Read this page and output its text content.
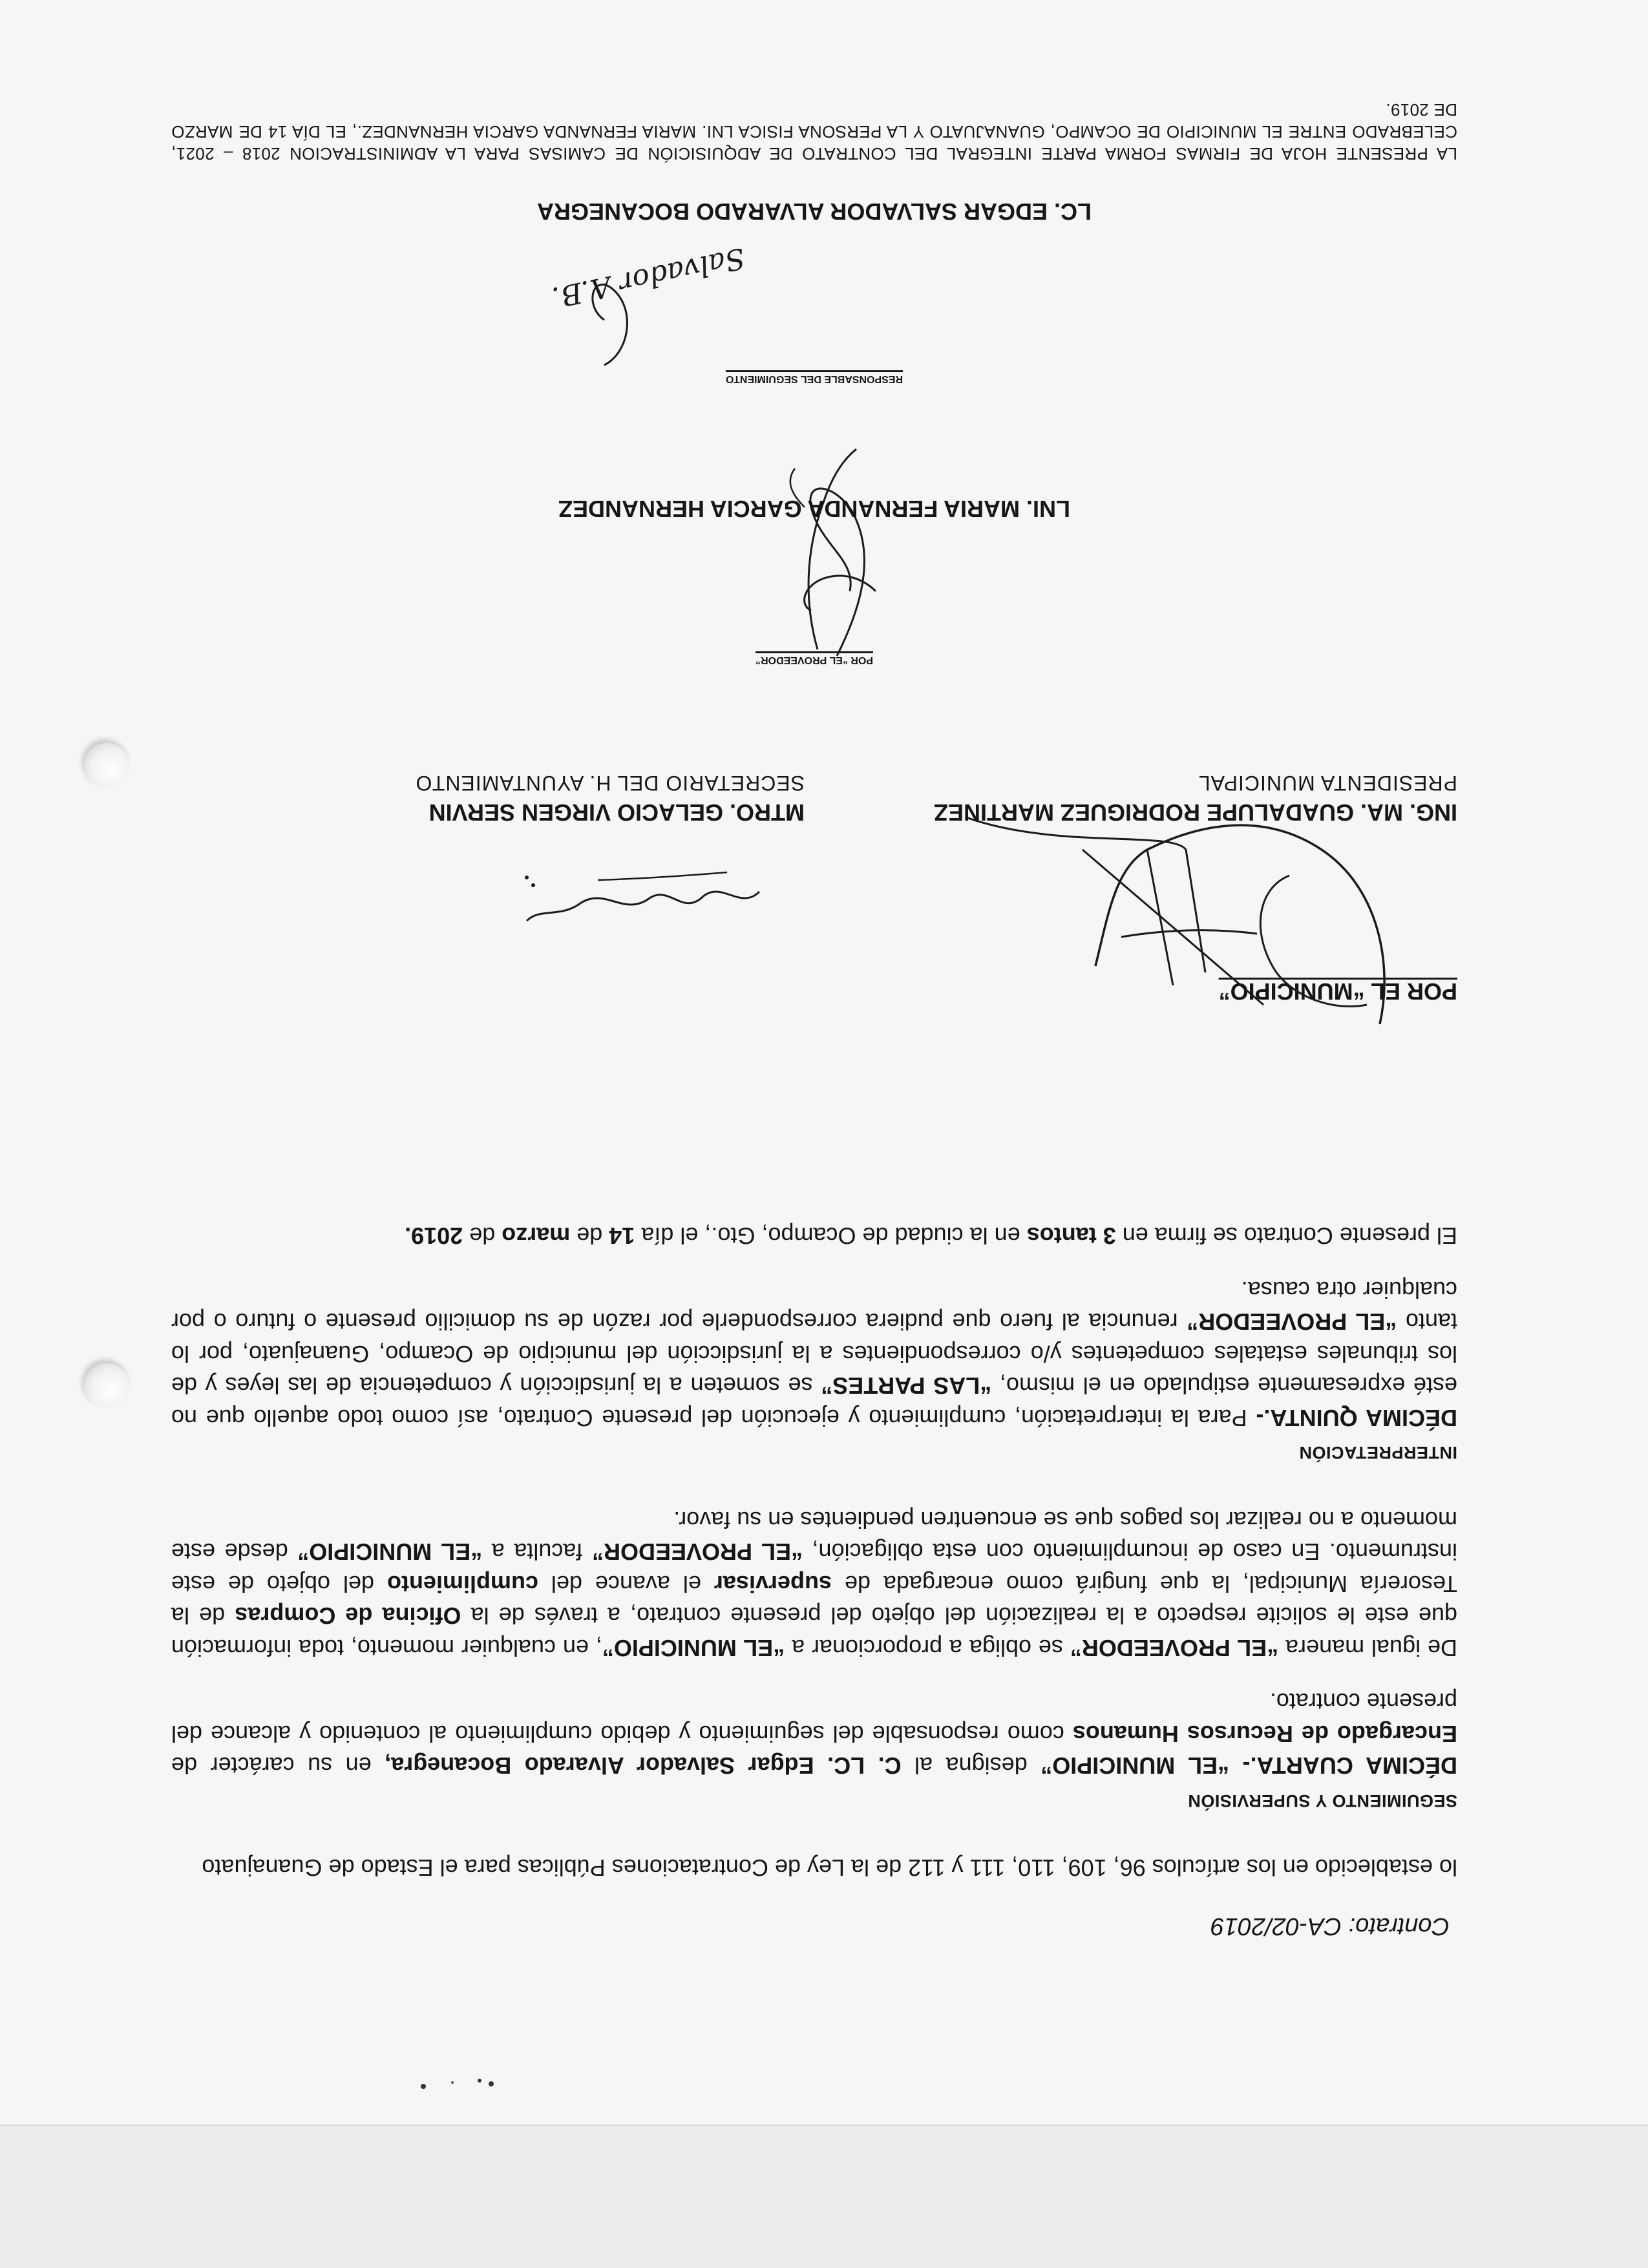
Contrato: CA-02/2019

lo establecido en los artículos 96, 109, 110, 111 y 112 de la Ley de Contrataciones Públicas para el Estado de Guanajuato

SEGUIMIENTO Y SUPERVISIÓN

DÉCIMA CUARTA.- “EL MUNICIPIO” designa al C. LC. Edgar Salvador Alvarado Bocanegra, en su carácter de Encargado de Recursos Humanos como responsable del seguimiento y debido cumplimiento al contenido y alcance del presente contrato.

De igual manera “EL PROVEEDOR” se obliga a proporcionar a “EL MUNICIPIO”, en cualquier momento, toda información que este le solicite respecto a la realización del objeto del presente contrato, a través de la Oficina de Compras de la Tesorería Municipal, la que fungirá como encargada de supervisar el avance del cumplimiento del objeto de este instrumento. En caso de incumplimiento con esta obligación, “EL PROVEEDOR” faculta a “EL MUNICIPIO” desde este momento a no realizar los pagos que se encuentren pendientes en su favor.

INTERPRETACIÓN

DÉCIMA QUINTA.- Para la interpretación, cumplimiento y ejecución del presente Contrato, así como todo aquello que no esté expresamente estipulado en el mismo, “LAS PARTES” se someten a la jurisdicción y competencia de las leyes y de los tribunales estatales competentes y/o correspondientes a la jurisdicción del municipio de Ocampo, Guanajuato, por lo tanto “EL PROVEEDOR” renuncia al fuero que pudiera corresponderle por razón de su domicilio presente o futuro o por cualquier otra causa.

El presente Contrato se firma en 3 tantos en la ciudad de Ocampo, Gto., el día 14 de marzo de 2019.

POR EL “MUNICIPIO”
ING. MA. GUADALUPE RODRIGUEZ MARTINEZ
PRESIDENTA MUNICIPAL
MTRO. GELACIO VIRGEN SERVIN
SECRETARIO DEL H. AYUNTAMIENTO
POR “EL PROVEEDOR”
LNI. MARIA FERNANDA GARCIA HERNANDEZ
RESPONSABLE DEL SEGUIMIENTO
Salvador A.B.
LC. EDGAR SALVADOR ALVARADO BOCANEGRA
LA PRESENTE HOJA DE FIRMAS FORMA PARTE INTEGRAL DEL CONTRATO DE ADQUISICIÓN DE CAMISAS PARA LA ADMINISTRACION 2018 – 2021, CELEBRADO ENTRE EL MUNICIPIO DE OCAMPO, GUANAJUATO Y LA PERSONA FISICA LNI. MARIA FERNANDA GARCIA HERNANDEZ., EL DÍA 14 DE MARZO DE 2019.
